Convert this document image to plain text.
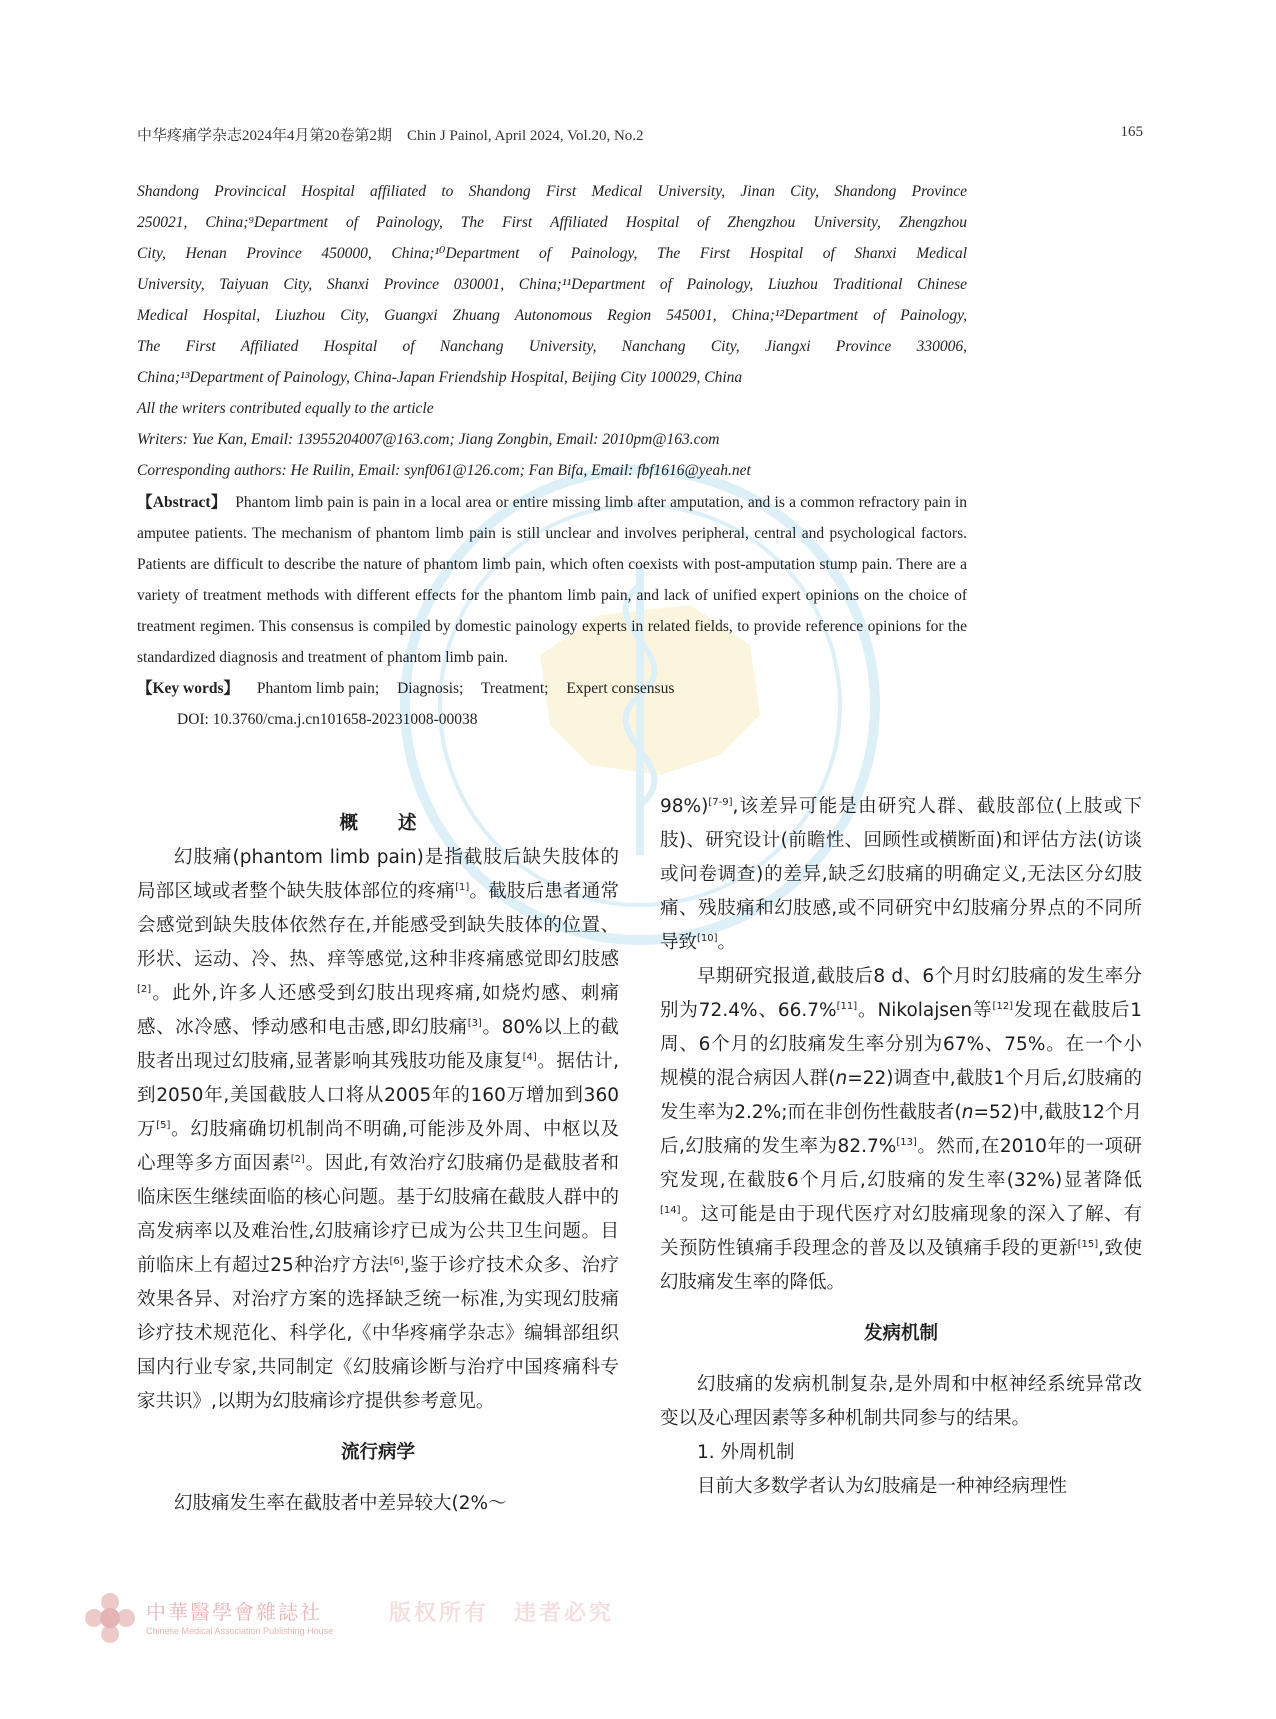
中华疼痛学杂志2024年4月第20卷第2期　Chin J Painol, April 2024, Vol.20, No.2	165

Shandong Provincical Hospital affiliated to Shandong First Medical University, Jinan City, Shandong Province

250021, China;⁹Department of Painology, The First Affiliated Hospital of Zhengzhou University, Zhengzhou

City, Henan Province 450000, China;¹⁰Department of Painology, The First Hospital of Shanxi Medical

University, Taiyuan City, Shanxi Province 030001, China;¹¹Department of Painology, Liuzhou Traditional Chinese

Medical Hospital, Liuzhou City, Guangxi Zhuang Autonomous Region 545001, China;¹²Department of Painology,

The First Affiliated Hospital of Nanchang University, Nanchang City, Jiangxi Province 330006,

China;¹³Department of Painology, China-Japan Friendship Hospital, Beijing City 100029, China

All the writers contributed equally to the article

Writers: Yue Kan, Email: 13955204007@163.com; Jiang Zongbin, Email: 2010pm@163.com

Corresponding authors: He Ruilin, Email: synf061@126.com; Fan Bifa, Email: fbf1616@yeah.net

【Abstract】 Phantom limb pain is pain in a local area or entire missing limb after amputation, and is a common refractory pain in amputee patients. The mechanism of phantom limb pain is still unclear and involves peripheral, central and psychological factors. Patients are difficult to describe the nature of phantom limb pain, which often coexists with post-amputation stump pain. There are a variety of treatment methods with different effects for the phantom limb pain, and lack of unified expert opinions on the choice of treatment regimen. This consensus is compiled by domestic painology experts in related fields, to provide reference opinions for the standardized diagnosis and treatment of phantom limb pain.

【Key words】 Phantom limb pain; Diagnosis; Treatment; Expert consensus

DOI: 10.3760/cma.j.cn101658-20231008-00038

概述

幻肢痛(phantom limb pain)是指截肢后缺失肢体的局部区域或者整个缺失肢体部位的疼痛[1]。截肢后患者通常会感觉到缺失肢体依然存在,并能感受到缺失肢体的位置、形状、运动、冷、热、痒等感觉,这种非疼痛感觉即幻肢感[2]。此外,许多人还感受到幻肢出现疼痛,如烧灼感、刺痛感、冰冷感、悸动感和电击感,即幻肢痛[3]。80%以上的截肢者出现过幻肢痛,显著影响其残肢功能及康复[4]。据估计,到2050年,美国截肢人口将从2005年的160万增加到360万[5]。幻肢痛确切机制尚不明确,可能涉及外周、中枢以及心理等多方面因素[2]。因此,有效治疗幻肢痛仍是截肢者和临床医生继续面临的核心问题。基于幻肢痛在截肢人群中的高发病率以及难治性,幻肢痛诊疗已成为公共卫生问题。目前临床上有超过25种治疗方法[6],鉴于诊疗技术众多、治疗效果各异、对治疗方案的选择缺乏统一标准,为实现幻肢痛诊疗技术规范化、科学化,《中华疼痛学杂志》编辑部组织国内行业专家,共同制定《幻肢痛诊断与治疗中国疼痛科专家共识》,以期为幻肢痛诊疗提供参考意见。

流行病学

幻肢痛发生率在截肢者中差异较大(2%～

98%)[7-9],该差异可能是由研究人群、截肢部位(上肢或下肢)、研究设计(前瞻性、回顾性或横断面)和评估方法(访谈或问卷调查)的差异,缺乏幻肢痛的明确定义,无法区分幻肢痛、残肢痛和幻肢感,或不同研究中幻肢痛分界点的不同所导致[10]。

早期研究报道,截肢后8 d、6个月时幻肢痛的发生率分别为72.4%、66.7%[11]。Nikolajsen等[12]发现在截肢后1周、6个月的幻肢痛发生率分别为67%、75%。在一个小规模的混合病因人群(n=22)调查中,截肢1个月后,幻肢痛的发生率为2.2%;而在非创伤性截肢者(n=52)中,截肢12个月后,幻肢痛的发生率为82.7%[13]。然而,在2010年的一项研究发现,在截肢6个月后,幻肢痛的发生率(32%)显著降低[14]。这可能是由于现代医疗对幻肢痛现象的深入了解、有关预防性镇痛手段理念的普及以及镇痛手段的更新[15],致使幻肢痛发生率的降低。

发病机制

幻肢痛的发病机制复杂,是外周和中枢神经系统异常改变以及心理因素等多种机制共同参与的结果。

1. 外周机制

目前大多数学者认为幻肢痛是一种神经病理性

中華醫學會雜誌社
Chinese Medical Association Publishing House
版权所有　违者必究
